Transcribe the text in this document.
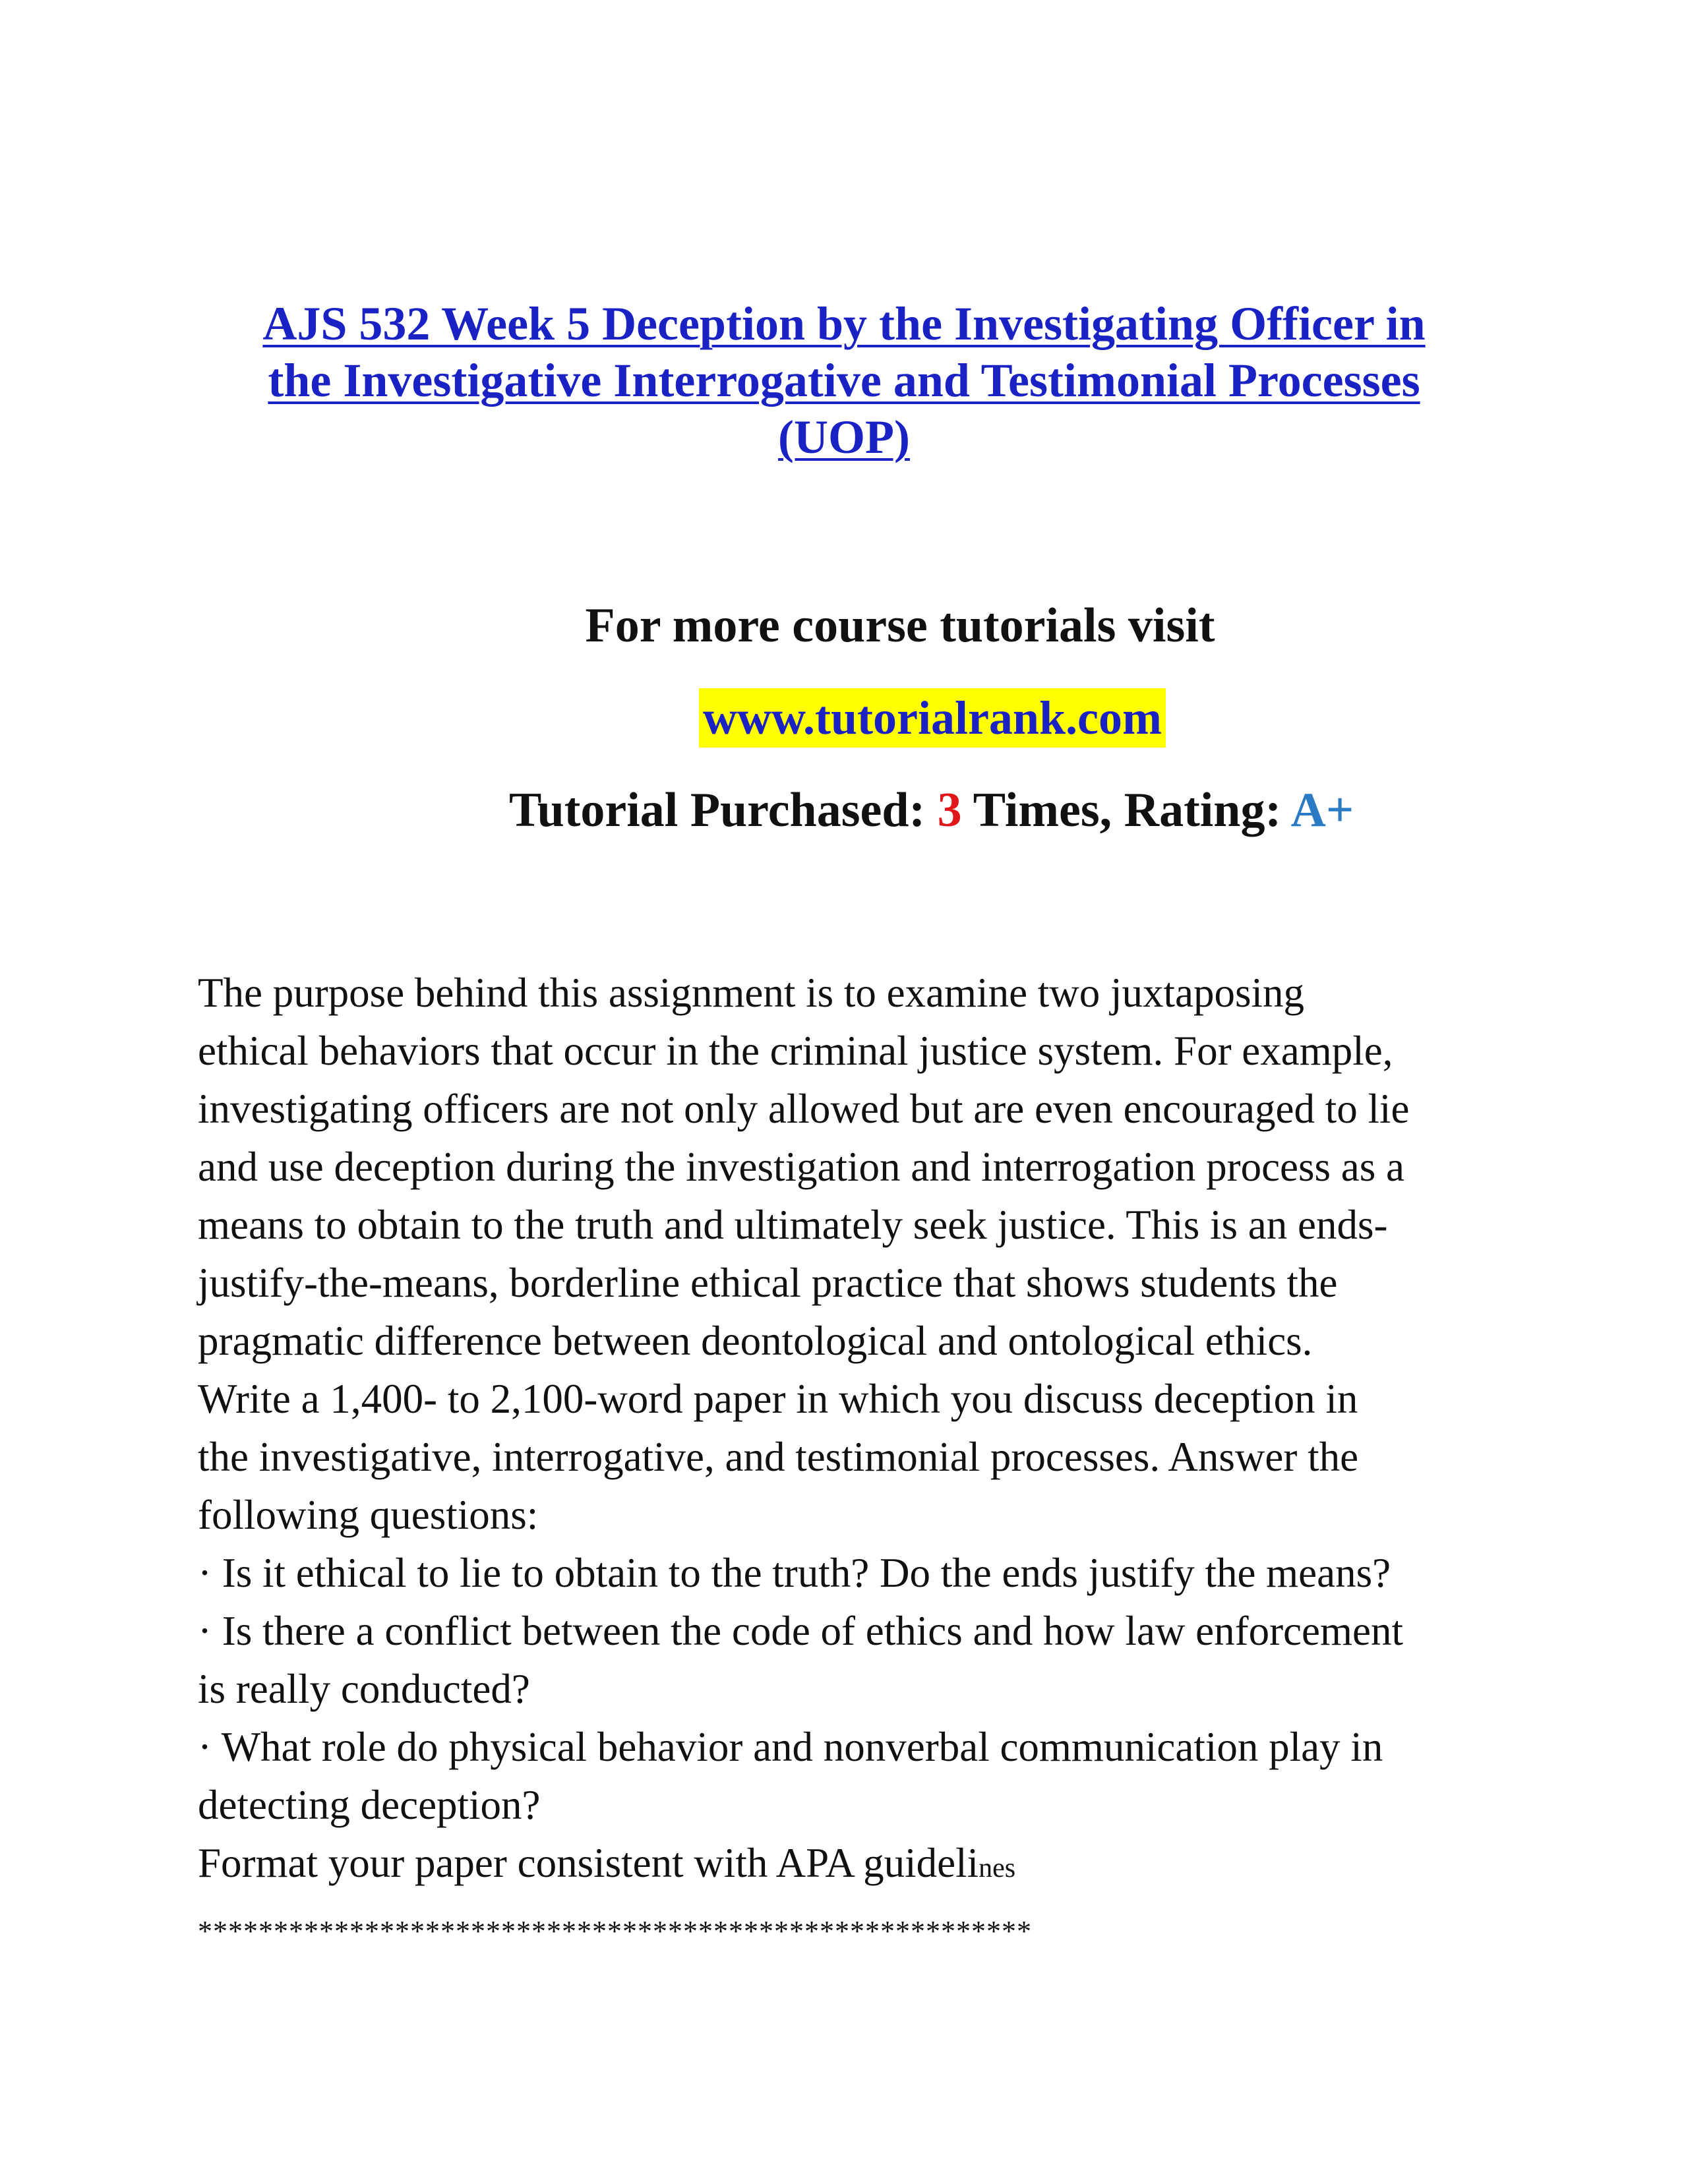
AJS 532 Week 5 Deception by the Investigating Officer in
the Investigative Interrogative and Testimonial Processes
(UOP)
For more course tutorials visit
www.tutorialrank.com
Tutorial Purchased: 3 Times, Rating: A+
The purpose behind this assignment is to examine two juxtaposing
ethical behaviors that occur in the criminal justice system. For example,
investigating officers are not only allowed but are even encouraged to lie
and use deception during the investigation and interrogation process as a
means to obtain to the truth and ultimately seek justice. This is an ends-
justify-the-means, borderline ethical practice that shows students the
pragmatic difference between deontological and ontological ethics.
Write a 1,400- to 2,100-word paper in which you discuss deception in
the investigative, interrogative, and testimonial processes. Answer the
following questions:
· Is it ethical to lie to obtain to the truth? Do the ends justify the means?
· Is there a conflict between the code of ethics and how law enforcement
is really conducted?
· What role do physical behavior and nonverbal communication play in
detecting deception?
Format your paper consistent with APA guidelines
*******************************************************
